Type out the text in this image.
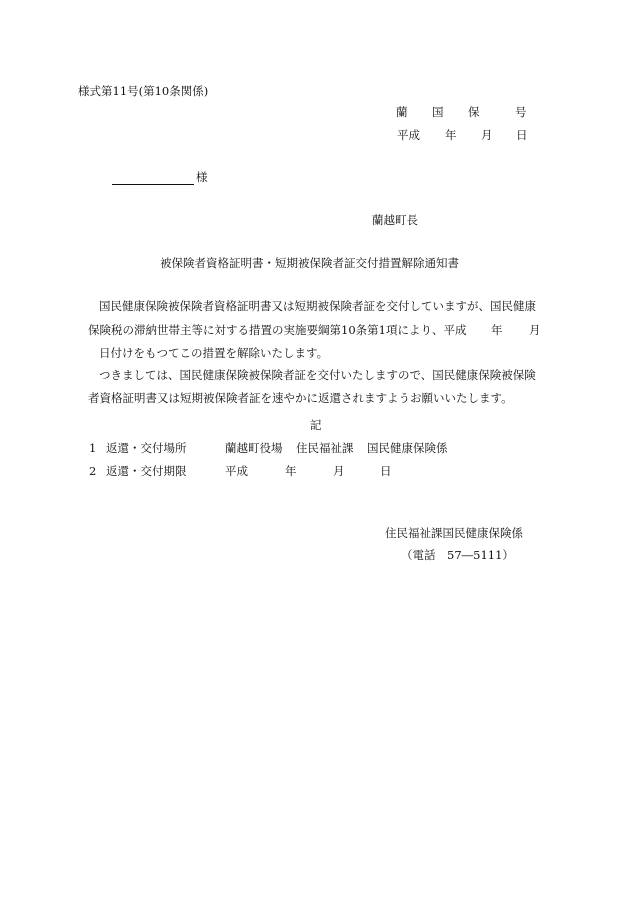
様式第11号(第10条関係)
蘭 国 保	号
平成 年 月 日
様
蘭越町長
被保険者資格証明書・短期被保険者証交付措置解除通知書
国民健康保険被保険者資格証明書又は短期被保険者証を交付していますが、国民健康
保険税の滞納世帯主等に対する措置の実施要綱第10条第1項により、平成 年 月
日付けをもつてこの措置を解除いたします。
つきましては、国民健康保険被保険者証を交付いたしますので、国民健康保険被保険
者資格証明書又は短期被保険者証を速やかに返還されますようお願いいたします。
記
1 返還・交付場所	蘭越町役場 住民福祉課 国民健康保険係
2 返還・交付期限	平成	年	月	日
住民福祉課国民健康保険係
（電話　57―5111）
